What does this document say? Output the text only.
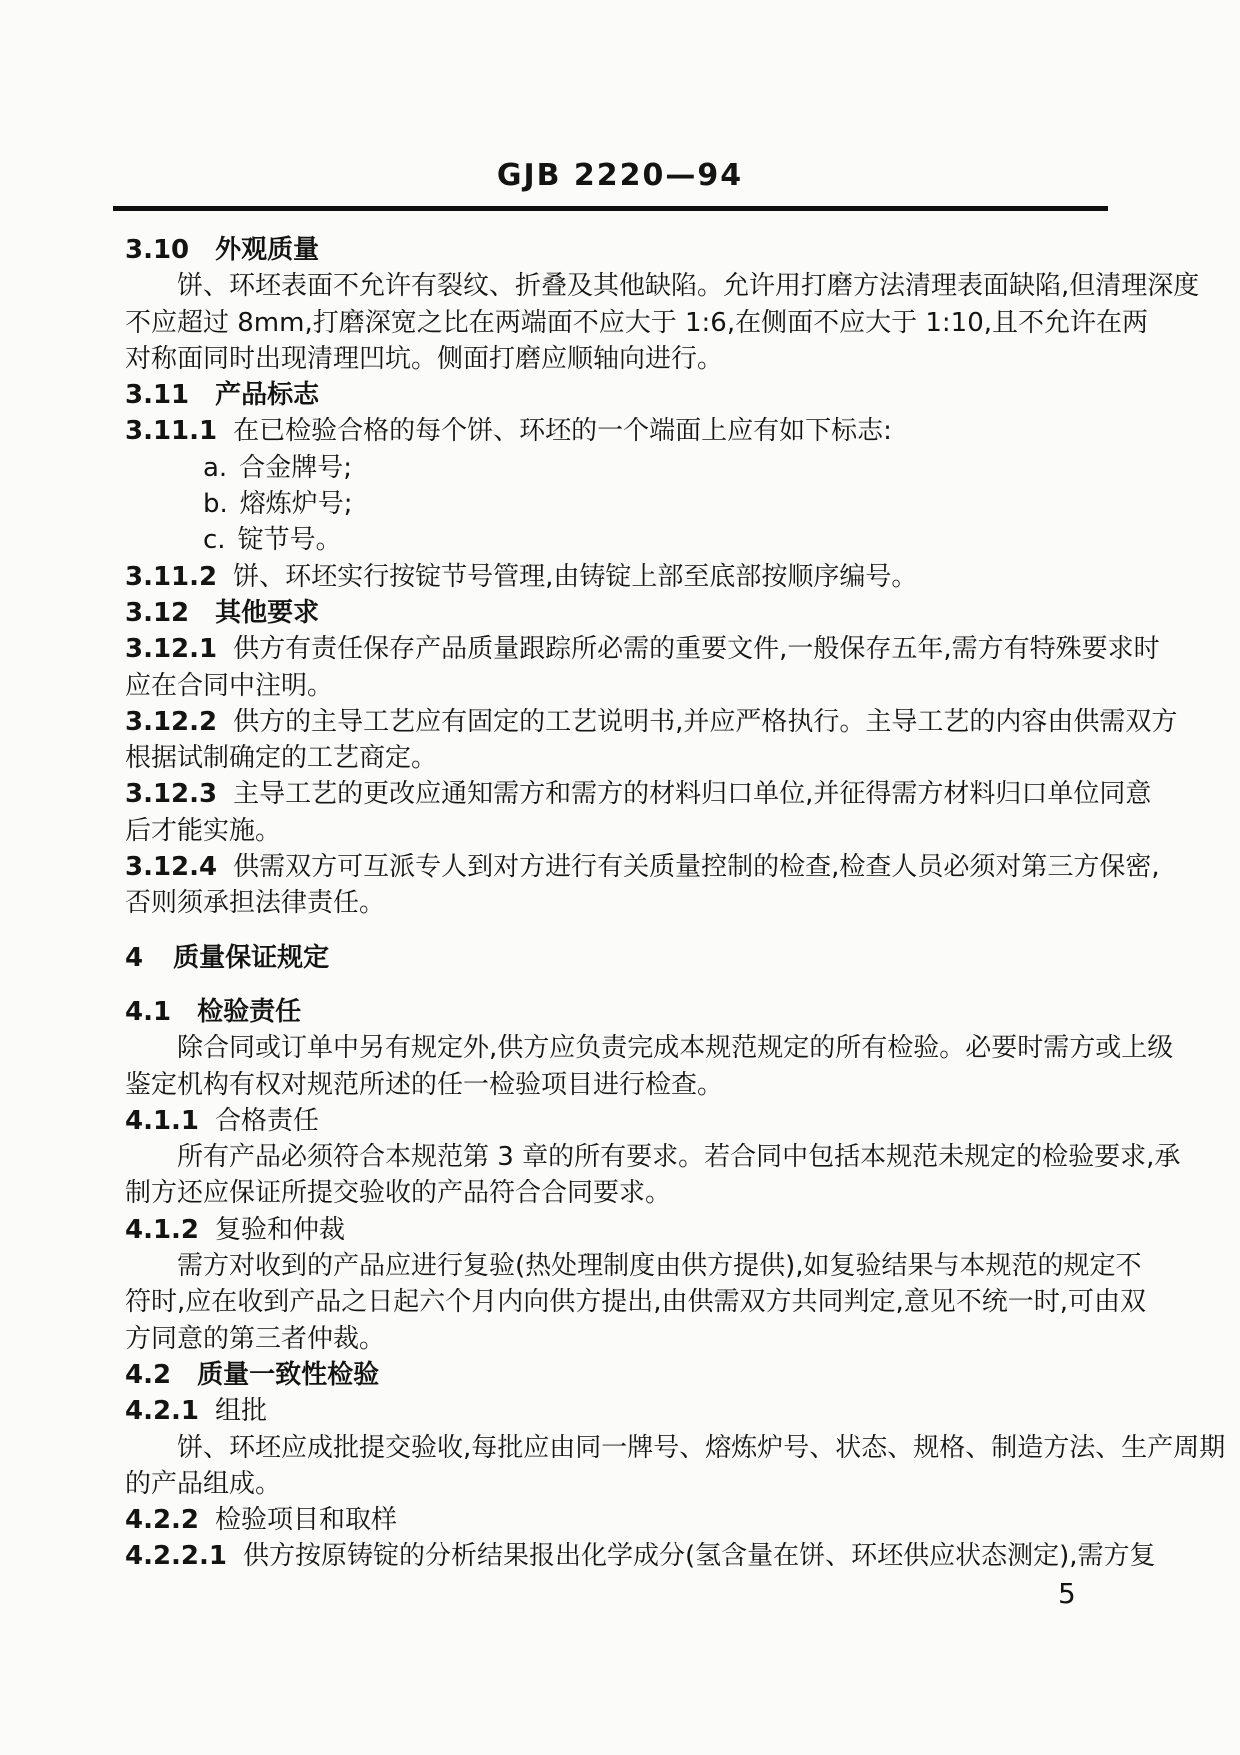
GJB 2220—94
3.10 外观质量
饼、环坯表面不允许有裂纹、折叠及其他缺陷。允许用打磨方法清理表面缺陷,但清理深度
不应超过 8mm,打磨深宽之比在两端面不应大于 1:6,在侧面不应大于 1:10,且不允许在两
对称面同时出现清理凹坑。侧面打磨应顺轴向进行。
3.11 产品标志
3.11.1 在已检验合格的每个饼、环坯的一个端面上应有如下标志:
a. 合金牌号;
b. 熔炼炉号;
c. 锭节号。
3.11.2 饼、环坯实行按锭节号管理,由铸锭上部至底部按顺序编号。
3.12 其他要求
3.12.1 供方有责任保存产品质量跟踪所必需的重要文件,一般保存五年,需方有特殊要求时
应在合同中注明。
3.12.2 供方的主导工艺应有固定的工艺说明书,并应严格执行。主导工艺的内容由供需双方
根据试制确定的工艺商定。
3.12.3 主导工艺的更改应通知需方和需方的材料归口单位,并征得需方材料归口单位同意
后才能实施。
3.12.4 供需双方可互派专人到对方进行有关质量控制的检查,检查人员必须对第三方保密,
否则须承担法律责任。
4 质量保证规定
4.1 检验责任
除合同或订单中另有规定外,供方应负责完成本规范规定的所有检验。必要时需方或上级
鉴定机构有权对规范所述的任一检验项目进行检查。
4.1.1 合格责任
所有产品必须符合本规范第 3 章的所有要求。若合同中包括本规范未规定的检验要求,承
制方还应保证所提交验收的产品符合合同要求。
4.1.2 复验和仲裁
需方对收到的产品应进行复验(热处理制度由供方提供),如复验结果与本规范的规定不
符时,应在收到产品之日起六个月内向供方提出,由供需双方共同判定,意见不统一时,可由双
方同意的第三者仲裁。
4.2 质量一致性检验
4.2.1 组批
饼、环坯应成批提交验收,每批应由同一牌号、熔炼炉号、状态、规格、制造方法、生产周期
的产品组成。
4.2.2 检验项目和取样
4.2.2.1 供方按原铸锭的分析结果报出化学成分(氢含量在饼、环坯供应状态测定),需方复
5
